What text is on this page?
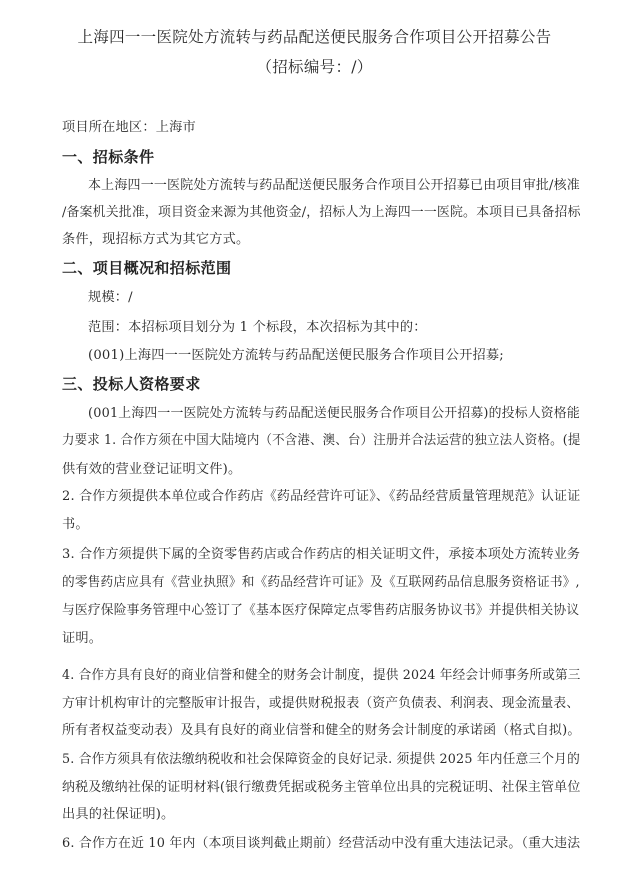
上海四一一医院处方流转与药品配送便民服务合作项目公开招募公告
（招标编号：/）
项目所在地区：上海市
一、招标条件
本上海四一一医院处方流转与药品配送便民服务合作项目公开招募已由项目审批/核准
/备案机关批准，项目资金来源为其他资金/，招标人为上海四一一医院。本项目已具备招标
条件，现招标方式为其它方式。
二、项目概况和招标范围
规模：/
范围：本招标项目划分为 1 个标段，本次招标为其中的：
(001)上海四一一医院处方流转与药品配送便民服务合作项目公开招募;
三、投标人资格要求
(001上海四一一医院处方流转与药品配送便民服务合作项目公开招募)的投标人资格能
力要求 1. 合作方须在中国大陆境内（不含港、澳、台）注册并合法运营的独立法人资格。(提
供有效的营业登记证明文件)。
2. 合作方须提供本单位或合作药店《药品经营许可证》、《药品经营质量管理规范》认证证
书。
3. 合作方须提供下属的全资零售药店或合作药店的相关证明文件，承接本项处方流转业务
的零售药店应具有《营业执照》和《药品经营许可证》及《互联网药品信息服务资格证书》,
与医疗保险事务管理中心签订了《基本医疗保障定点零售药店服务协议书》并提供相关协议
证明。
4. 合作方具有良好的商业信誉和健全的财务会计制度，提供 2024 年经会计师事务所或第三
方审计机构审计的完整版审计报告，或提供财税报表（资产负债表、利润表、现金流量表、
所有者权益变动表）及具有良好的商业信誉和健全的财务会计制度的承诺函（格式自拟)。
5. 合作方须具有依法缴纳税收和社会保障资金的良好记录. 须提供 2025 年内任意三个月的
纳税及缴纳社保的证明材料(银行缴费凭据或税务主管单位出具的完税证明、社保主管单位
出具的社保证明)。
6. 合作方在近 10 年内（本项目谈判截止期前）经营活动中没有重大违法记录。（重大违法
